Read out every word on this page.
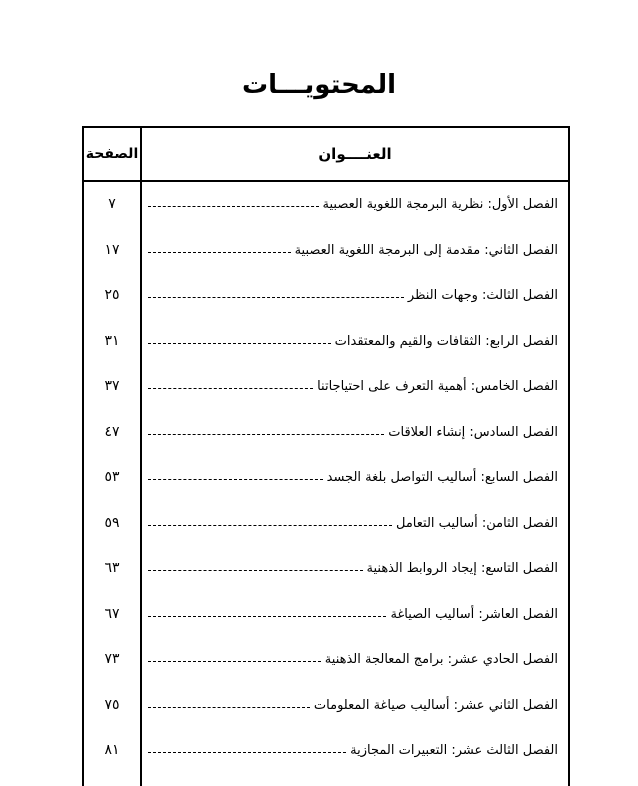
المحتويـــات
الصفحة	العنــــوان
٧	الفصل الأول: نظرية البرمجة اللغوية العصبية
١٧	الفصل الثاني: مقدمة إلى البرمجة اللغوية العصبية
٢٥	الفصل الثالث: وجهات النظر
٣١	الفصل الرابع: الثقافات والقيم والمعتقدات
٣٧	الفصل الخامس: أهمية التعرف على احتياجاتنا
٤٧	الفصل السادس: إنشاء العلاقات
٥٣	الفصل السابع: أساليب التواصل بلغة الجسد
٥٩	الفصل الثامن: أساليب التعامل
٦٣	الفصل التاسع: إيجاد الروابط الذهنية
٦٧	الفصل العاشر: أساليب الصياغة
٧٣	الفصل الحادي عشر: برامج المعالجة الذهنية
٧٥	الفصل الثاني عشر: أساليب صياغة المعلومات
٨١	الفصل الثالث عشر: التعبيرات المجازية
